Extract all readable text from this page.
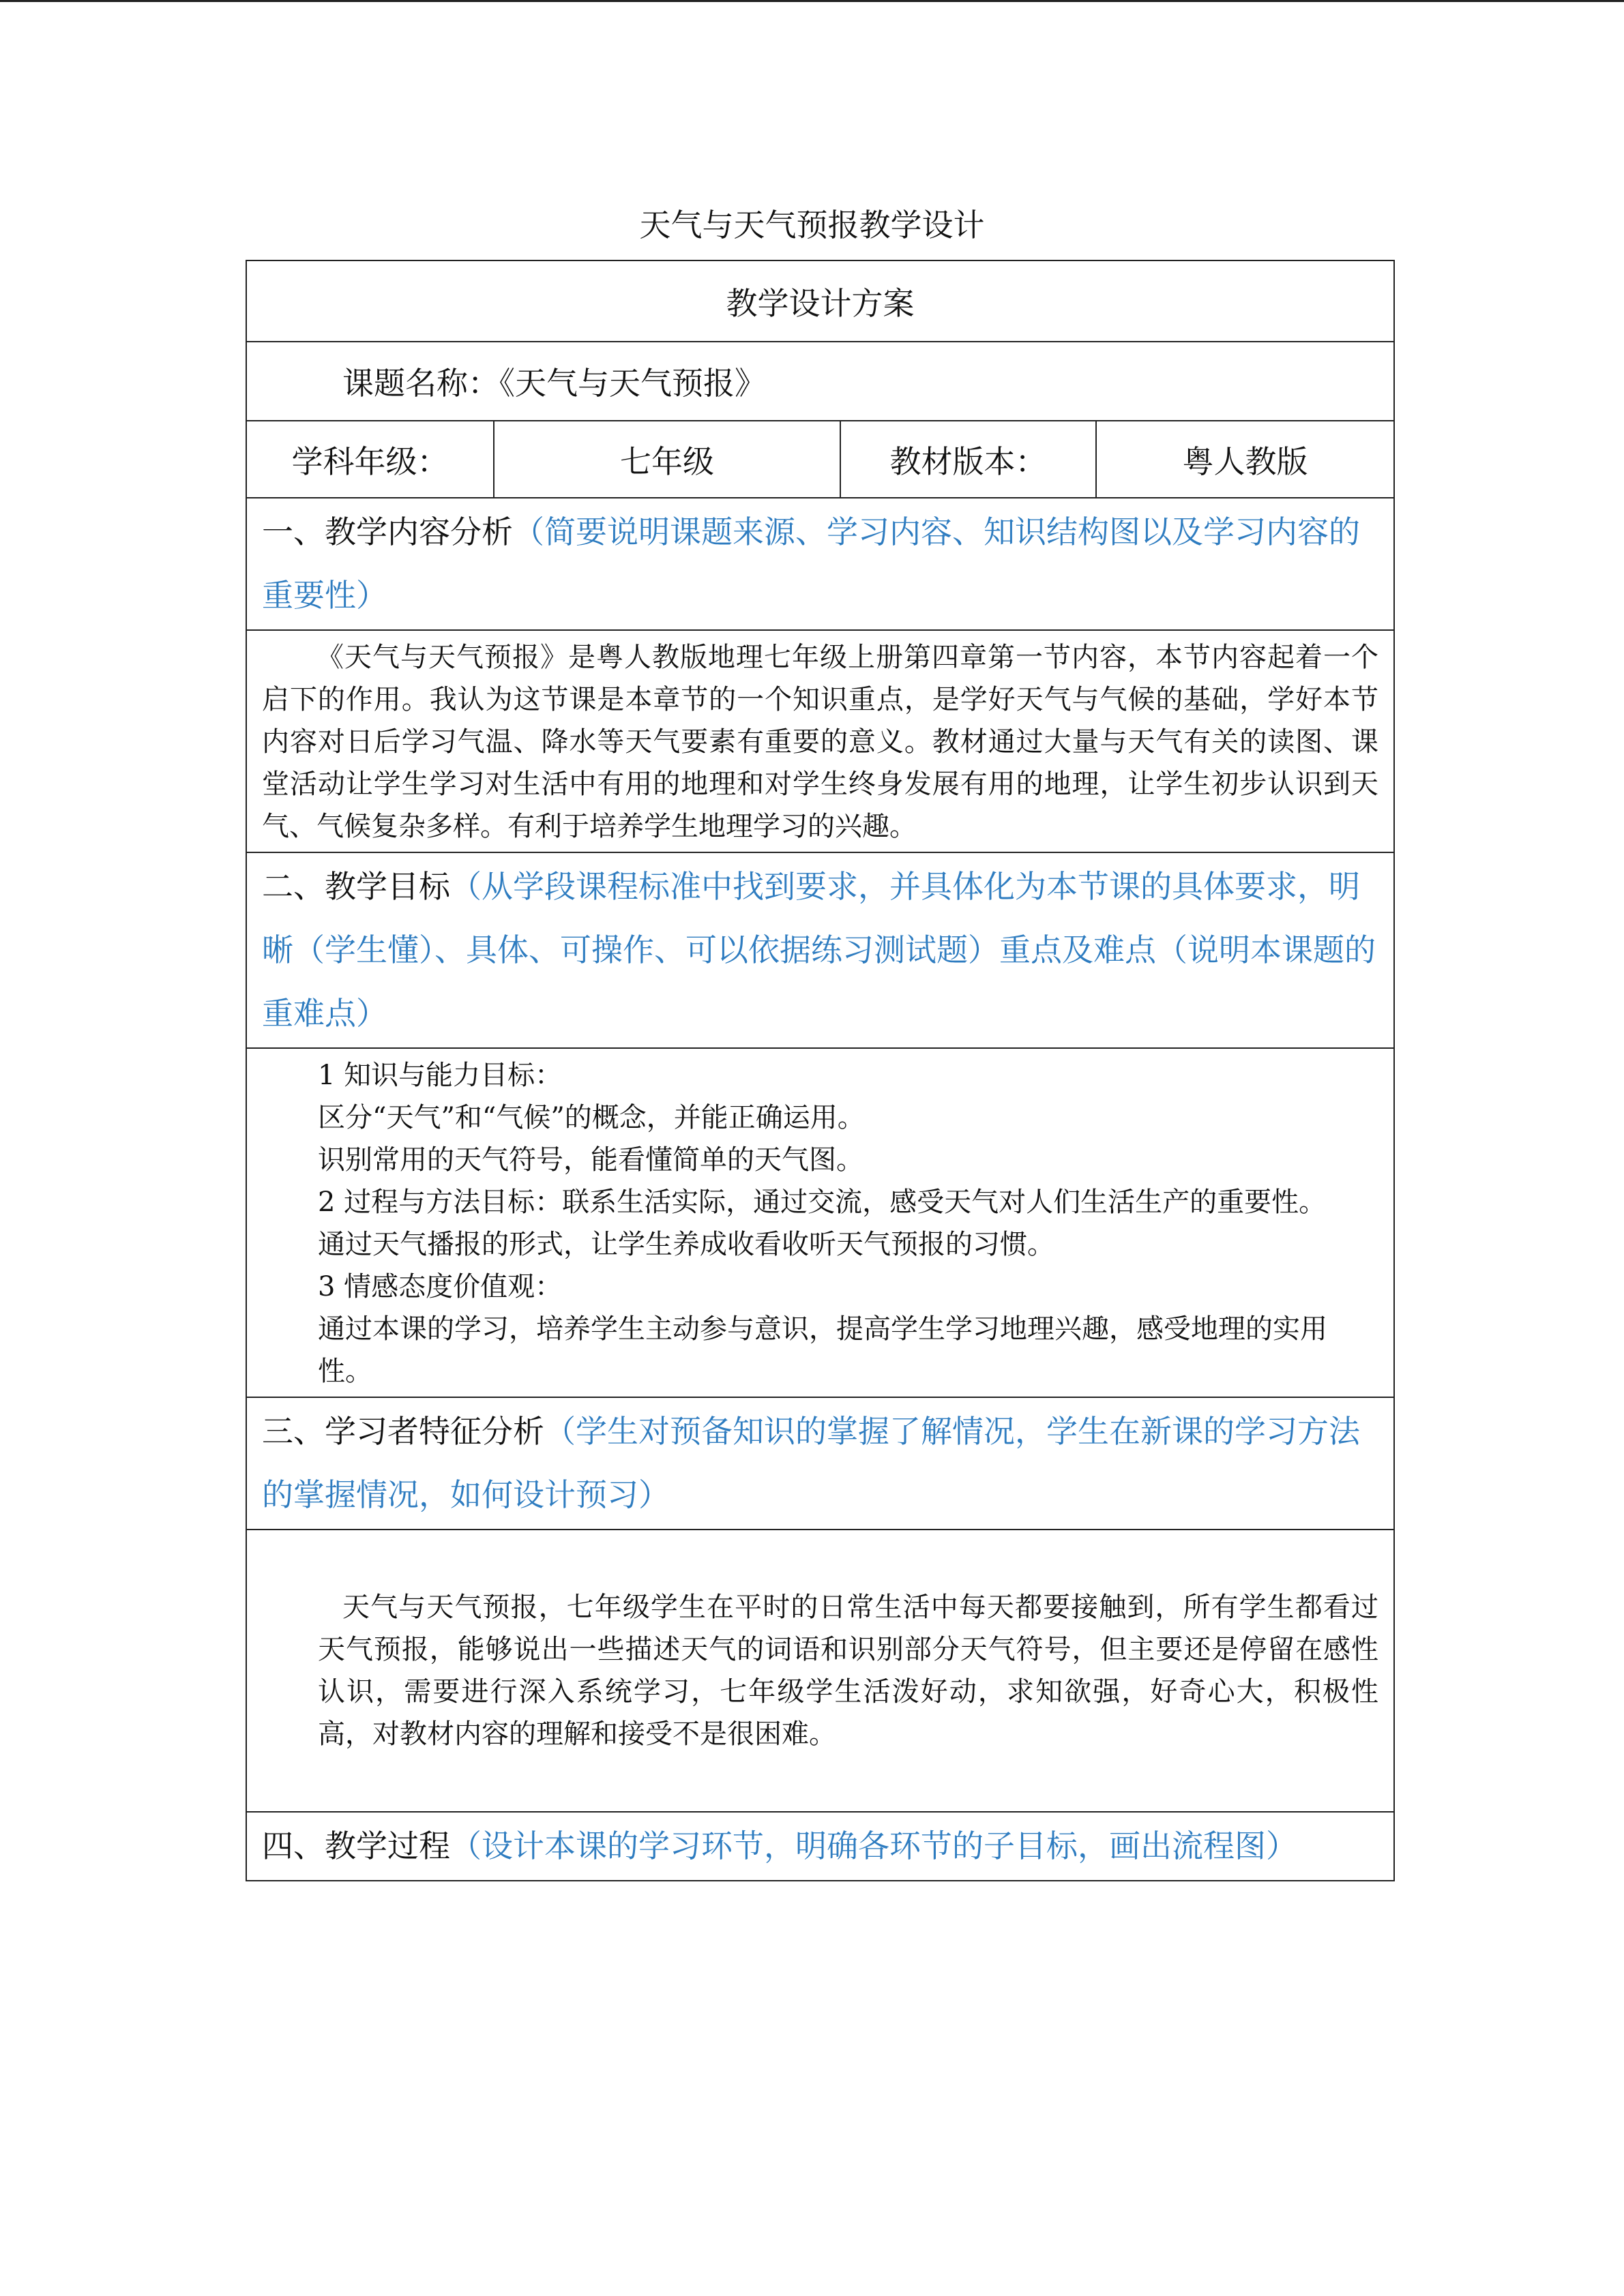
天气与天气预报教学设计
教学设计方案
课题名称：《天气与天气预报》
学科年级：	七年级	教材版本：	粤人教版
一、教学内容分析（简要说明课题来源、学习内容、知识结构图以及学习内容的重要性）
《天气与天气预报》是粤人教版地理七年级上册第四章第一节内容，本节内容起着一个启下的作用。我认为这节课是本章节的一个知识重点，是学好天气与气候的基础，学好本节内容对日后学习气温、降水等天气要素有重要的意义。教材通过大量与天气有关的读图、课堂活动让学生学习对生活中有用的地理和对学生终身发展有用的地理，让学生初步认识到天气、气候复杂多样。有利于培养学生地理学习的兴趣。
二、教学目标（从学段课程标准中找到要求，并具体化为本节课的具体要求，明晰（学生懂）、具体、可操作、可以依据练习测试题）重点及难点（说明本课题的重难点）

1 知识与能力目标：

区分“天气”和“气候”的概念，并能正确运用。

识别常用的天气符号，能看懂简单的天气图。

2 过程与方法目标：联系生活实际，通过交流，感受天气对人们生活生产的重要性。

通过天气播报的形式，让学生养成收看收听天气预报的习惯。

3 情感态度价值观：

通过本课的学习，培养学生主动参与意识，提高学生学习地理兴趣，感受地理的实用性。

三、学习者特征分析（学生对预备知识的掌握了解情况，学生在新课的学习方法的掌握情况，如何设计预习）
天气与天气预报，七年级学生在平时的日常生活中每天都要接触到，所有学生都看过天气预报，能够说出一些描述天气的词语和识别部分天气符号，但主要还是停留在感性认识，需要进行深入系统学习，七年级学生活泼好动，求知欲强，好奇心大，积极性高，对教材内容的理解和接受不是很困难。
四、教学过程（设计本课的学习环节，明确各环节的子目标，画出流程图）
